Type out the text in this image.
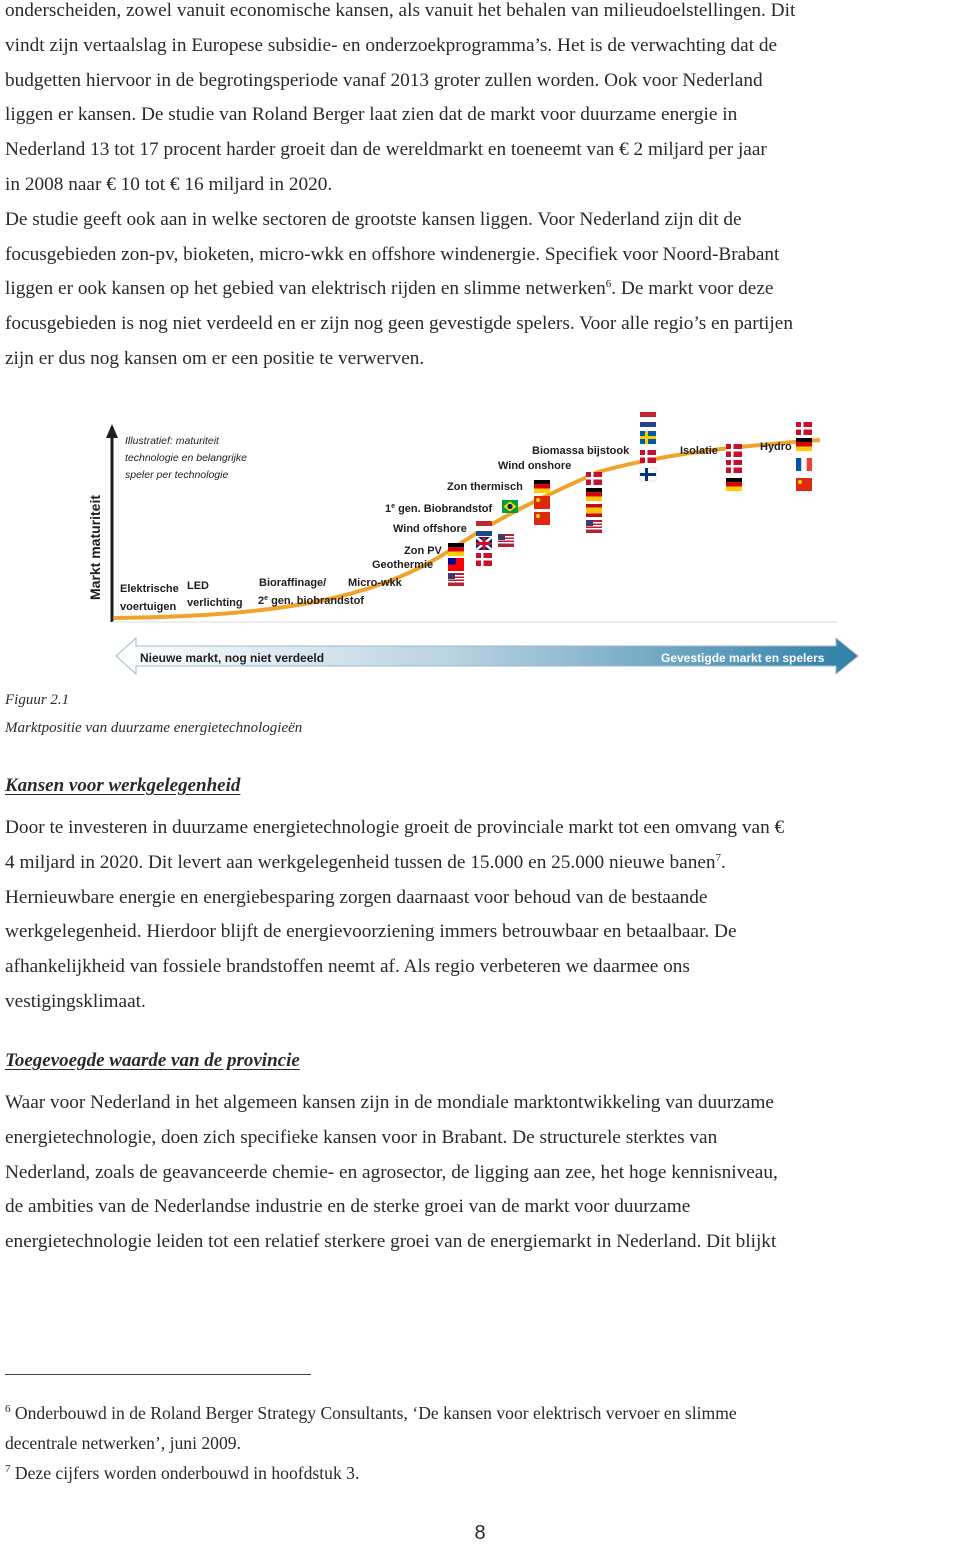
onderscheiden, zowel vanuit economische kansen, als vanuit het behalen van milieudoelstellingen. Dit
vindt zijn vertaalslag in Europese subsidie- en onderzoekprogramma’s. Het is de verwachting dat de
budgetten hiervoor in de begrotingsperiode vanaf 2013 groter zullen worden. Ook voor Nederland
liggen er kansen. De studie van Roland Berger laat zien dat de markt voor duurzame energie in
Nederland 13 tot 17 procent harder groeit dan de wereldmarkt en toeneemt van € 2 miljard per jaar
in 2008 naar € 10 tot € 16 miljard in 2020.
De studie geeft ook aan in welke sectoren de grootste kansen liggen. Voor Nederland zijn dit de
focusgebieden zon-pv, bioketen, micro-wkk en offshore windenergie. Specifiek voor Noord-Brabant
liggen er ook kansen op het gebied van elektrisch rijden en slimme netwerken$^6$. De markt voor deze
focusgebieden is nog niet verdeeld en er zijn nog geen gevestigde spelers. Voor alle regio’s en partijen
zijn er dus nog kansen om er een positie te verwerven.
Markt maturiteit
Illustratief: maturiteit technologie en belangrijke speler per technologie
Biomassa bijstook
Wind onshore
Isolatie	Hydro
Zon thermisch
1e gen. Biobrandstof
Wind offshore
Zon PV
Geothermie
Elektrische voertuigen
LED verlichting
Bioraffinage/ Micro-wkk
2e gen. biobrandstof
Nieuwe markt, nog niet verdeeld	Gevestigde markt en spelers

Figuur 2.1

Marktpositie van duurzame energietechnologieën

Kansen voor werkgelegenheid
Door te investeren in duurzame energietechnologie groeit de provinciale markt tot een omvang van €
4 miljard in 2020. Dit levert aan werkgelegenheid tussen de 15.000 en 25.000 nieuwe banen$^7$.
Hernieuwbare energie en energiebesparing zorgen daarnaast voor behoud van de bestaande
werkgelegenheid. Hierdoor blijft de energievoorziening immers betrouwbaar en betaalbaar. De
afhankelijkheid van fossiele brandstoffen neemt af. Als regio verbeteren we daarmee ons
vestigingsklimaat.
Toegevoegde waarde van de provincie
Waar voor Nederland in het algemeen kansen zijn in de mondiale marktontwikkeling van duurzame
energietechnologie, doen zich specifieke kansen voor in Brabant. De structurele sterktes van
Nederland, zoals de geavanceerde chemie- en agrosector, de ligging aan zee, het hoge kennisniveau,
de ambities van de Nederlandse industrie en de sterke groei van de markt voor duurzame
energietechnologie leiden tot een relatief sterkere groei van de energiemarkt in Nederland. Dit blijkt

$^6$ Onderbouwd in de Roland Berger Strategy Consultants, ‘De kansen voor elektrisch vervoer en slimme
decentrale netwerken’, juni 2009.

$^7$ Deze cijfers worden onderbouwd in hoofdstuk 3.

8
